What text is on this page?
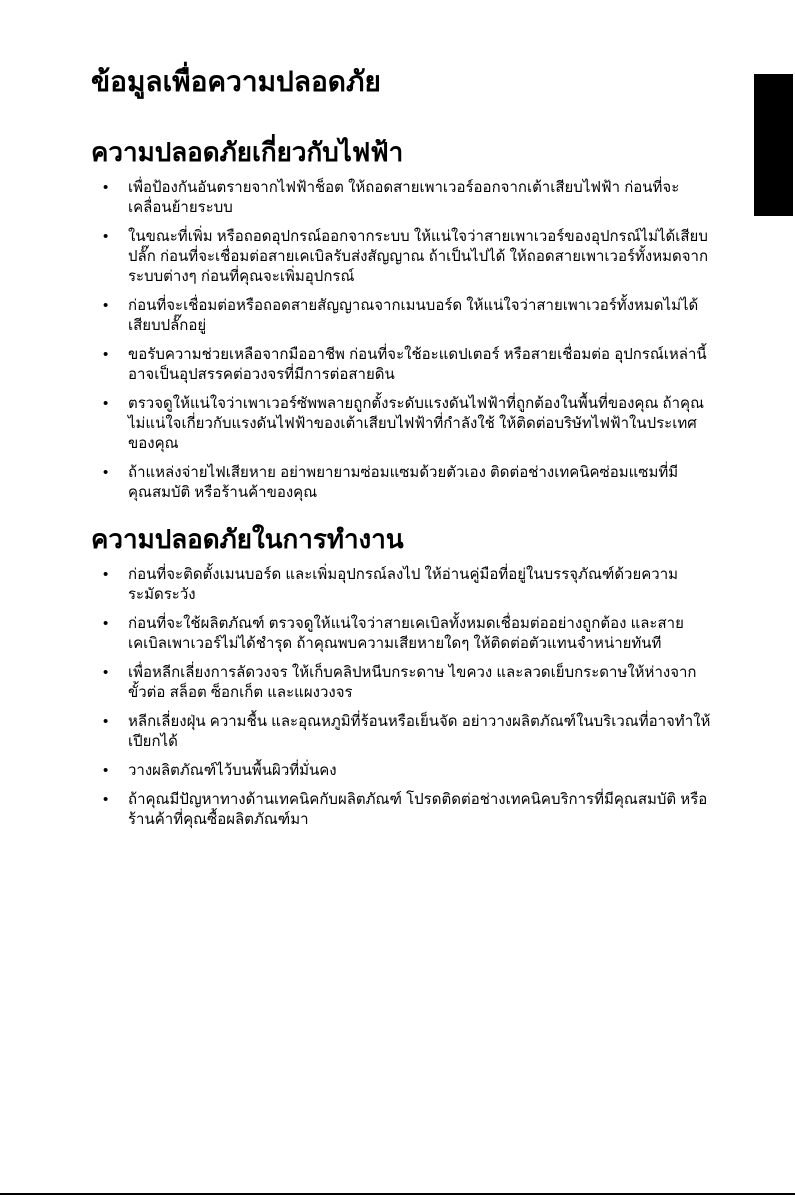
ข้อมูลเพื่อความปลอดภัย
ความปลอดภัยเกี่ยวกับไฟฟ้า
•	เพื่อป้องกันอันตรายจากไฟฟ้าช็อต ให้ถอดสายเพาเวอร์ออกจากเต้าเสียบไฟฟ้า ก่อนที่จะเคลื่อนย้ายระบบ
•	ในขณะที่เพิ่ม หรือถอดอุปกรณ์ออกจากระบบ ให้แน่ใจว่าสายเพาเวอร์ของอุปกรณ์ไม่ได้เสียบปลั๊ก ก่อนที่จะเชื่อมต่อสายเคเบิลรับส่งสัญญาณ ถ้าเป็นไปได้ ให้ถอดสายเพาเวอร์ทั้งหมดจากระบบต่างๆ ก่อนที่คุณจะเพิ่มอุปกรณ์
•	ก่อนที่จะเชื่อมต่อหรือถอดสายสัญญาณจากเมนบอร์ด ให้แน่ใจว่าสายเพาเวอร์ทั้งหมดไม่ได้เสียบปลั๊กอยู่
•	ขอรับความช่วยเหลือจากมืออาชีพ ก่อนที่จะใช้อะแดปเตอร์ หรือสายเชื่อมต่อ อุปกรณ์เหล่านี้อาจเป็นอุปสรรคต่อวงจรที่มีการต่อสายดิน
•	ตรวจดูให้แน่ใจว่าเพาเวอร์ซัพพลายถูกตั้งระดับแรงดันไฟฟ้าที่ถูกต้องในพื้นที่ของคุณ ถ้าคุณไม่แน่ใจเกี่ยวกับแรงดันไฟฟ้าของเต้าเสียบไฟฟ้าที่กำลังใช้ ให้ติดต่อบริษัทไฟฟ้าในประเทศของคุณ
•	ถ้าแหล่งจ่ายไฟเสียหาย อย่าพยายามซ่อมแซมด้วยตัวเอง ติดต่อช่างเทคนิคซ่อมแซมที่มีคุณสมบัติ หรือร้านค้าของคุณ
ความปลอดภัยในการทำงาน
•	ก่อนที่จะติดตั้งเมนบอร์ด และเพิ่มอุปกรณ์ลงไป ให้อ่านคู่มือที่อยู่ในบรรจุภัณฑ์ด้วยความระมัดระวัง
•	ก่อนที่จะใช้ผลิตภัณฑ์ ตรวจดูให้แน่ใจว่าสายเคเบิลทั้งหมดเชื่อมต่ออย่างถูกต้อง และสายเคเบิลเพาเวอร์ไม่ได้ชำรุด ถ้าคุณพบความเสียหายใดๆ ให้ติดต่อตัวแทนจำหน่ายทันที
•	เพื่อหลีกเลี่ยงการลัดวงจร ให้เก็บคลิปหนีบกระดาษ ไขควง และลวดเย็บกระดาษให้ห่างจากขั้วต่อ สล็อต ซ็อกเก็ต และแผงวงจร
•	หลีกเลี่ยงฝุ่น ความชื้น และอุณหภูมิที่ร้อนหรือเย็นจัด อย่าวางผลิตภัณฑ์ในบริเวณที่อาจทำให้เปียกได้
•	วางผลิตภัณฑ์ไว้บนพื้นผิวที่มั่นคง
•	ถ้าคุณมีปัญหาทางด้านเทคนิคกับผลิตภัณฑ์ โปรดติดต่อช่างเทคนิคบริการที่มีคุณสมบัติ หรือร้านค้าที่คุณซื้อผลิตภัณฑ์มา
